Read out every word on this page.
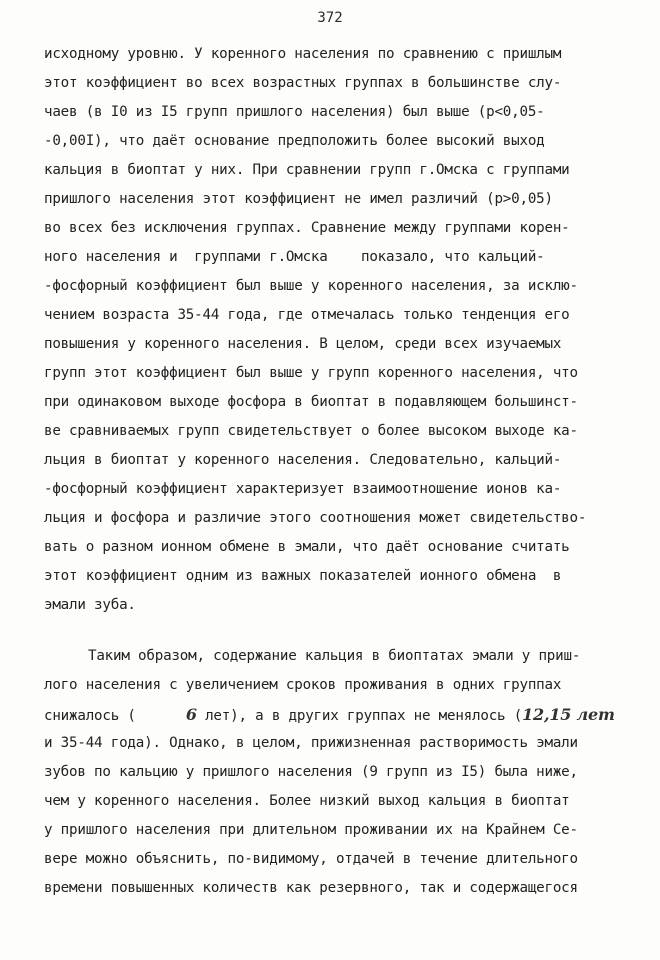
372
исходному уровню. У коренного населения по сравнению с пришлым
этот коэффициент во всех возрастных группах в большинстве слу-
чаев (в I0 из I5 групп пришлого населения) был выше (p<0,05-
-0,00I), что даёт основание предположить более высокий выход
кальция в биоптат у них. При сравнении групп г.Омска с группами
пришлого населения этот коэффициент не имел различий (p>0,05)
во всех без исключения группах. Сравнение между группами корен-
ного населения и  группами г.Омска    показало, что кальций-
-фосфорный коэффициент был выше у коренного населения, за исклю-
чением возраста 35-44 года, где отмечалась только тенденция его
повышения у коренного населения. В целом, среди всех изучаемых
групп этот коэффициент был выше у групп коренного населения, что
при одинаковом выходе фосфора в биоптат в подавляющем большинст-
ве сравниваемых групп свидетельствует о более высоком выходе ка-
льция в биоптат у коренного населения. Следовательно, кальций-
-фосфорный коэффициент характеризует взаимоотношение ионов ка-
льция и фосфора и различие этого соотношения может свидетельство-
вать о разном ионном обмене в эмали, что даёт основание считать
этот коэффициент одним из важных показателей ионного обмена  в
эмали зуба.
Таким образом, содержание кальция в биоптатах эмали у приш-
лого населения с увеличением сроков проживания в одних группах
снижалось (      6 лет), а в других группах не менялось (12,15 лет
и 35-44 года). Однако, в целом, прижизненная растворимость эмали
зубов по кальцию у пришлого населения (9 групп из I5) была ниже,
чем у коренного населения. Более низкий выход кальция в биоптат
у пришлого населения при длительном проживании их на Крайнем Се-
вере можно объяснить, по-видимому, отдачей в течение длительного
времени повышенных количеств как резервного, так и содержащегося
